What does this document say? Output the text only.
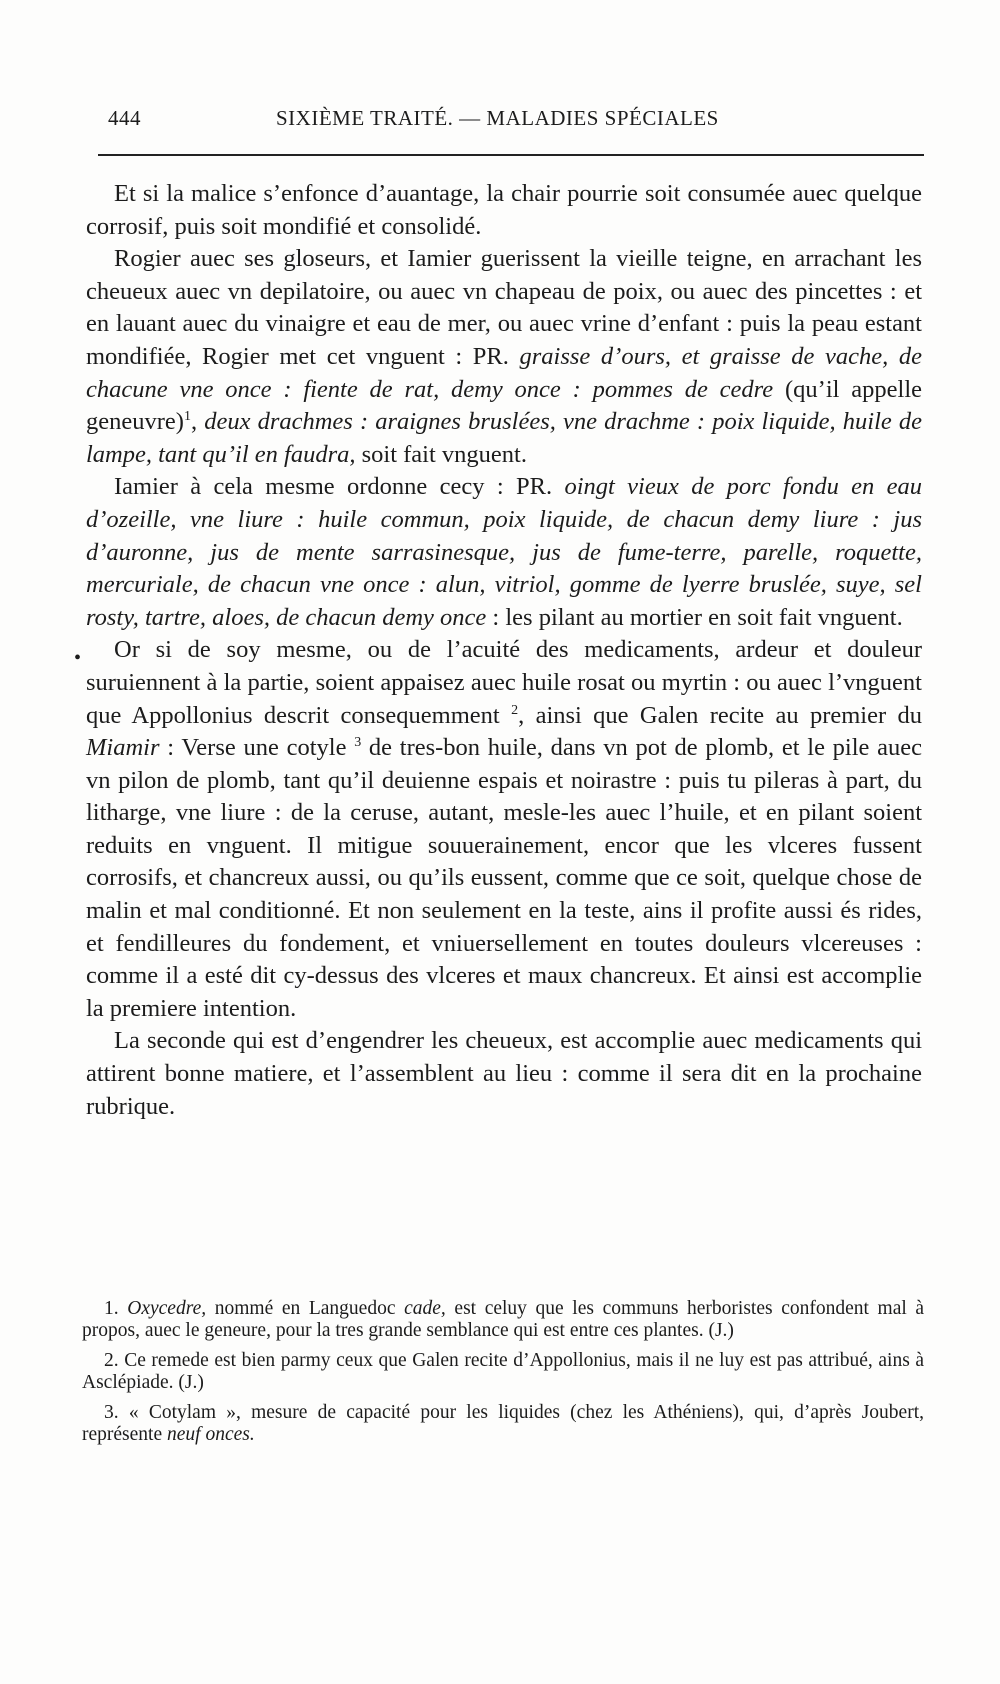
444	SIXIÈME TRAITÉ. — MALADIES SPÉCIALES
•

Et si la malice s’enfonce d’auantage, la chair pourrie soit consumée auec quelque corrosif, puis soit mondifié et consolidé.

Rogier auec ses gloseurs, et Iamier guerissent la vieille teigne, en arrachant les cheueux auec vn depilatoire, ou auec vn chapeau de poix, ou auec des pincettes : et en lauant auec du vinaigre et eau de mer, ou auec vrine d’enfant : puis la peau estant mondifiée, Rogier met cet vnguent : PR. graisse d’ours, et graisse de vache, de chacune vne once : fiente de rat, demy once : pommes de cedre (qu’il appelle geneuvre)$^1$, deux drachmes : araignes bruslées, vne drachme : poix liquide, huile de lampe, tant qu’il en faudra, soit fait vnguent.

Iamier à cela mesme ordonne cecy : PR. oingt vieux de porc fondu en eau d’ozeille, vne liure : huile commun, poix liquide, de chacun demy liure : jus d’auronne, jus de mente sarrasinesque, jus de fume-terre, parelle, roquette, mercuriale, de chacun vne once : alun, vitriol, gomme de lyerre bruslée, suye, sel rosty, tartre, aloes, de chacun demy once : les pilant au mortier en soit fait vnguent.

Or si de soy mesme, ou de l’acuité des medicaments, ardeur et douleur suruiennent à la partie, soient appaisez auec huile rosat ou myrtin : ou auec l’vnguent que Appollonius descrit consequemment $^2$, ainsi que Galen recite au premier du Miamir : Verse une cotyle $^3$ de tres-bon huile, dans vn pot de plomb, et le pile auec vn pilon de plomb, tant qu’il deuienne espais et noirastre : puis tu pileras à part, du litharge, vne liure : de la ceruse, autant, mesle-les auec l’huile, et en pilant soient reduits en vnguent. Il mitigue souuerainement, encor que les vlceres fussent corrosifs, et chancreux aussi, ou qu’ils eussent, comme que ce soit, quelque chose de malin et mal conditionné. Et non seulement en la teste, ains il profite aussi és rides, et fendilleures du fondement, et vniuersellement en toutes douleurs vlcereuses : comme il a esté dit cy-dessus des vlceres et maux chancreux. Et ainsi est accomplie la premiere intention.

La seconde qui est d’engendrer les cheueux, est accomplie auec medicaments qui attirent bonne matiere, et l’assemblent au lieu : comme il sera dit en la prochaine rubrique.

1. Oxycedre, nommé en Languedoc cade, est celuy que les communs herboristes confondent mal à propos, auec le geneure, pour la tres grande semblance qui est entre ces plantes. (J.)

2. Ce remede est bien parmy ceux que Galen recite d’Appollonius, mais il ne luy est pas attribué, ains à Asclépiade. (J.)

3. « Cotylam », mesure de capacité pour les liquides (chez les Athéniens), qui, d’après Joubert, représente neuf onces.
